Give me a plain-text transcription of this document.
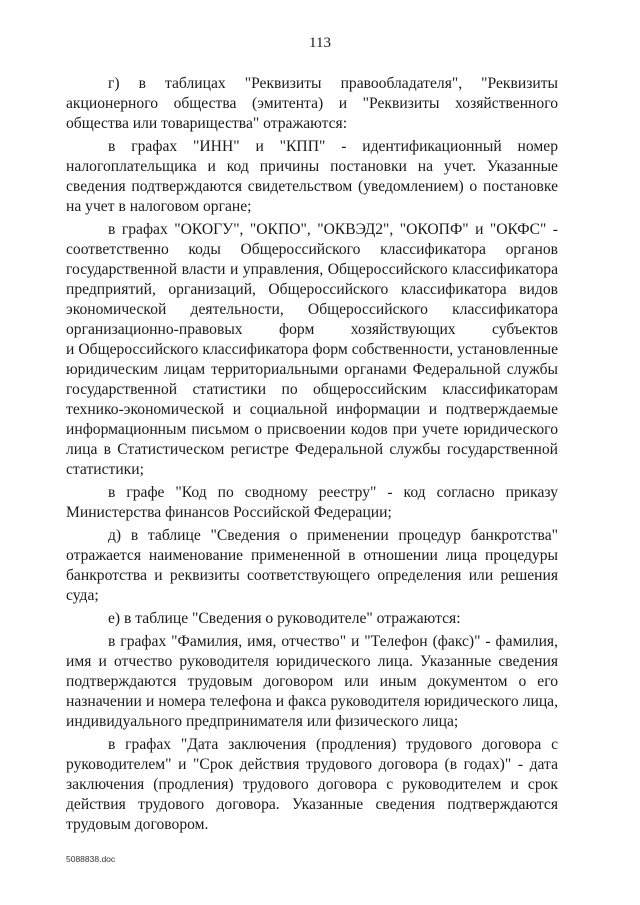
113

г) в таблицах "Реквизиты правообладателя", "Реквизиты акционерного общества (эмитента) и "Реквизиты хозяйственного общества или товарищества" отражаются:

в графах "ИНН" и "КПП" - идентификационный номер налогоплательщика и код причины постановки на учет. Указанные сведения подтверждаются свидетельством (уведомлением) о постановке на учет в налоговом органе;

в графах "ОКОГУ", "ОКПО", "ОКВЭД2", "ОКОПФ" и "ОКФС" - соответственно коды Общероссийского классификатора органов государственной власти и управления, Общероссийского классификатора предприятий, организаций, Общероссийского классификатора видов экономической деятельности, Общероссийского классификатора организационно-правовых форм хозяйствующих субъектов
и Общероссийского классификатора форм собственности, установленные юридическим лицам территориальными органами Федеральной службы государственной статистики по общероссийским классификаторам технико-экономической и социальной информации и подтверждаемые информационным письмом о присвоении кодов при учете юридического лица в Статистическом регистре Федеральной службы государственной статистики;

в графе "Код по сводному реестру" - код согласно приказу Министерства финансов Российской Федерации;

д) в таблице "Сведения о применении процедур банкротства" отражается наименование примененной в отношении лица процедуры банкротства и реквизиты соответствующего определения или решения суда;

е) в таблице "Сведения о руководителе" отражаются:

в графах "Фамилия, имя, отчество" и "Телефон (факс)" - фамилия, имя и отчество руководителя юридического лица. Указанные сведения подтверждаются трудовым договором или иным документом о его назначении и номера телефона и факса руководителя юридического лица, индивидуального предпринимателя или физического лица;

в графах "Дата заключения (продления) трудового договора с руководителем" и "Срок действия трудового договора (в годах)" - дата заключения (продления) трудового договора с руководителем и срок действия трудового договора. Указанные сведения подтверждаются трудовым договором.

5088838.doc
